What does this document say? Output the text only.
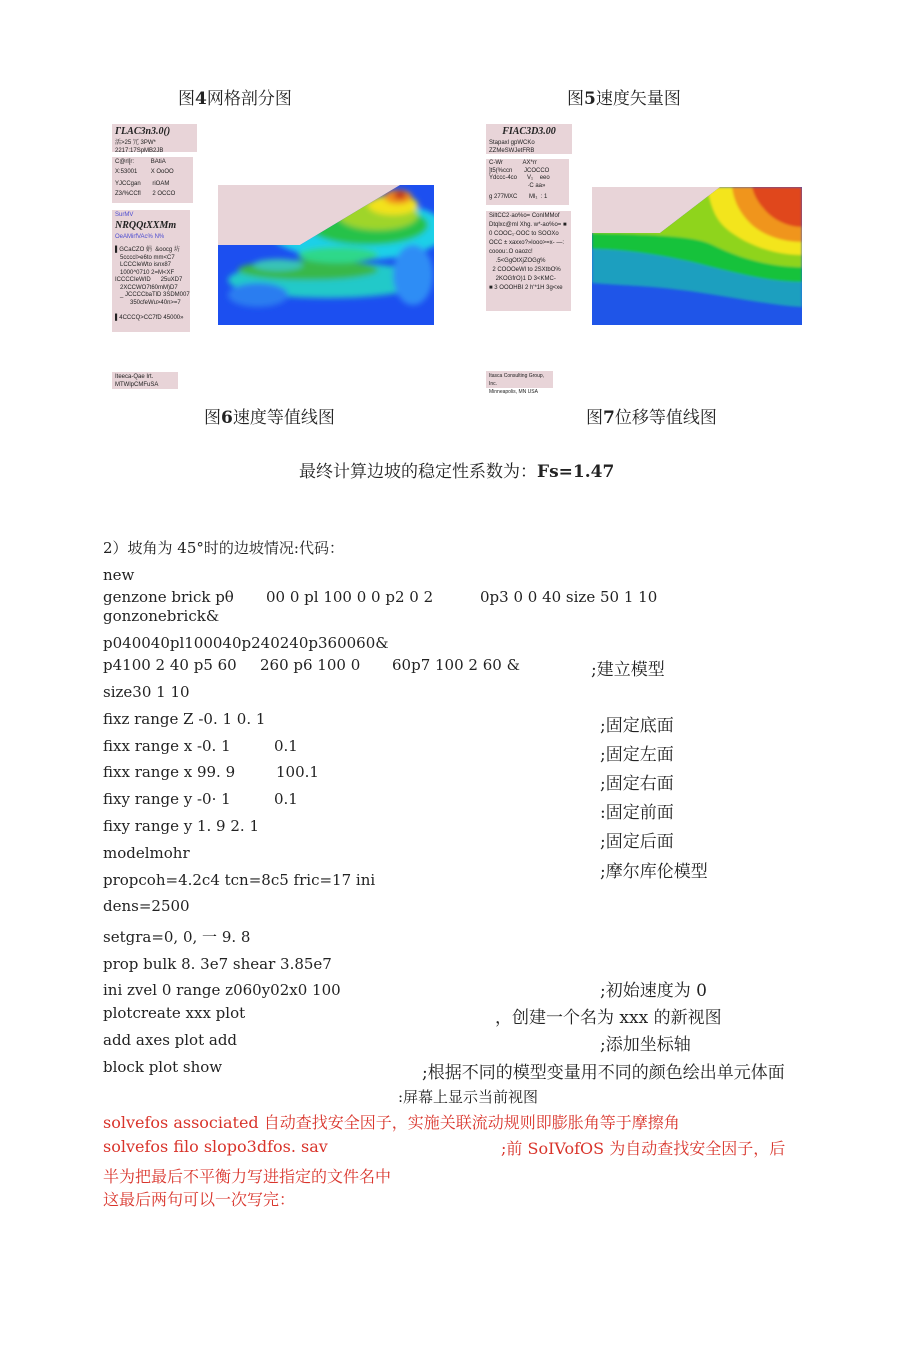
图4网格剖分图	图5速度矢量图
ГLAC3n3.0()
活>25 冗 3PW*
2217:17SpMB2JB
C@rl[r:          BAtiA
X:53001        X OoOO
YJCCgan       riOAM
Z3/%CCfl       2 OCCO
SurMV
NRQQtXXMm
OeAMirfVAc% N%
▌GCaCZO 娟  &oocg 坊
5ccccl>e6to mm<C7
LCCCIeWto isnx87
1000^0710 2=M<XF
ICCCCIeWID      25uXD7
2XCCWO7t60mM)D7
_ JCCCCbaTlD 3SDM007
350cfeWu>40n>=7
▌4CCCQ>CC7fD 45000»
Iteeca-Qae Irt.
MTWlpCMFuSA
FIAC3D3.00
Stapaxl gpWCKo
ZZMeSWJetFRB
C-Wr            AX*rr
]t5(%ccn       JCOCCO
Ydccc-4co      V₁    eeo
·C aa»
g 277MXC       Ml₁  : 1
SiltCC2·ao%o= ConIMMof
Dtqlxc@ml Xhg. w*-ao%o= ■
0 COOC₁·OOC to SOOXo
OCC ± xaxxo?»looo>=x- —:
cooou:.O oaozc!
.5<GgOtXjZOGg%
2 COOOeWl to 2SXtbO%
2KOGfrO)1 D 3<KMC-
■ 3 OOOHBI 2 h'*1H 3g<xe
Itasca Consulting Group, Inc.
Minneapolis, MN USA
图6速度等值线图	图7位移等值线图
最终计算边坡的稳定性系数为：Fs=1.47
2）坡角为 45°时的边坡情况:代码：
new
genzone brick pθ 00 0 pl 100 0 0 p2 0 2	0p3 0 0 40 size 50 1 10
gonzonebrick&
p040040pl100040p240240p360060&
p4100 2 40 p5 60 260 p6 100 0 60p7 100 2 60 &	;建立模型
size30 1 10
fixz range Z -0. 1 0. 1	;固定底面
fixx range x -0. 1	0.1	;固定左面
fixx range x 99. 9	100.1
;固定右面
fixy range y -0· 1	0.1
:固定前面
fixy range y 1. 9 2. 1
;固定后面
modelmohr
;摩尔库伦模型
propcoh=4.2c4 tcn=8c5 fric=17 ini
dens=2500
setgra=0, 0, 一 9. 8
prop bulk 8. 3e7 shear 3.85e7
ini zvel 0 range z060y02x0 100	;初始速度为 0
plotcreate xxx plot	，创建一个名为 xxx 的新视图
add axes plot add	;添加坐标轴
block plot show	;根据不同的模型变量用不同的颜色绘出单元体面
:屏幕上显示当前视图
solvefos associated 自动查找安全因子，实施关联流动规则即膨胀角等于摩擦角
solvefos filo slopo3dfos. sav	;前 SoIVofOS 为自动查找安全因子，后
半为把最后不平衡力写进指定的文件名中
这最后两句可以一次写完：
